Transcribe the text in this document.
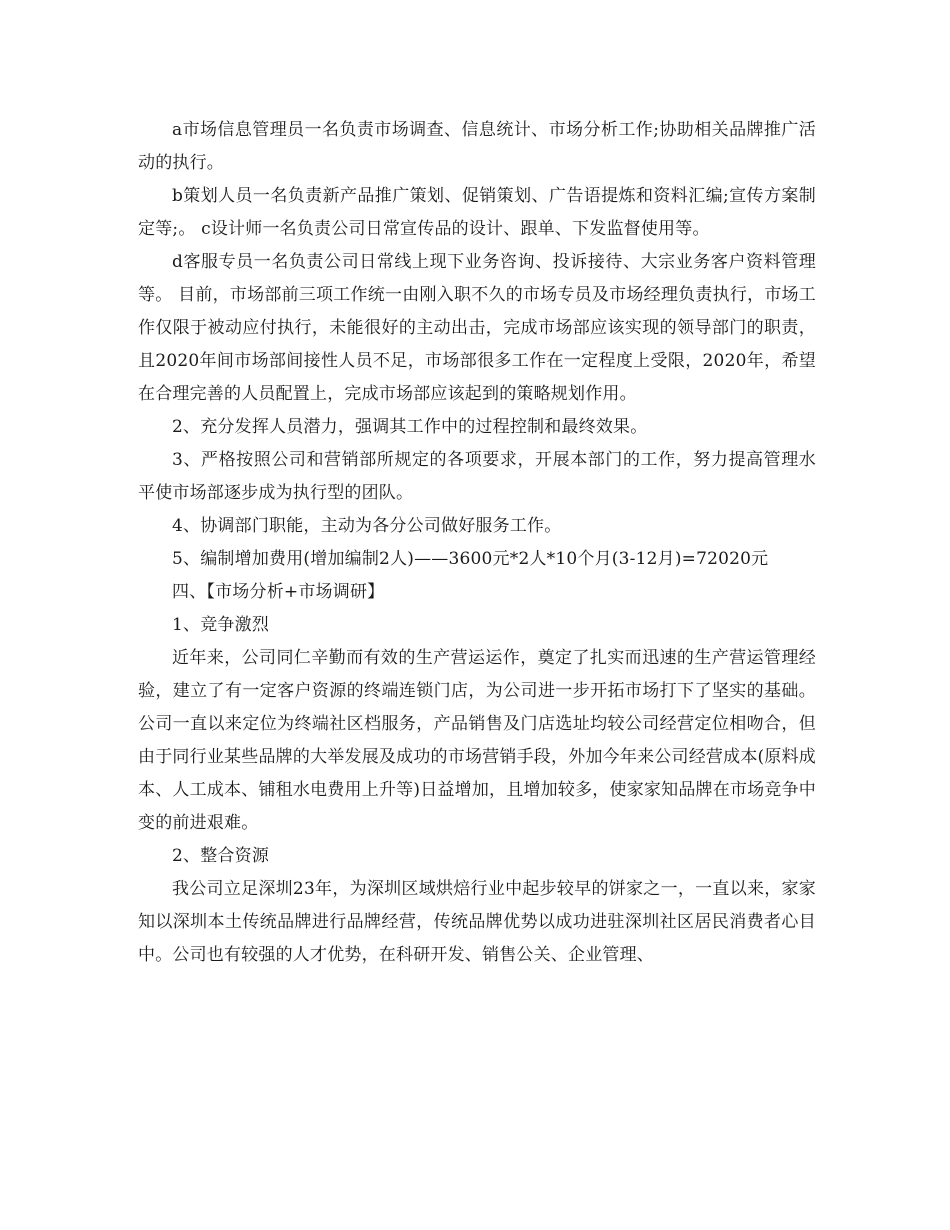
a市场信息管理员一名负责市场调查、信息统计、市场分析工作;协助相关品牌推广活动的执行。

b策划人员一名负责新产品推广策划、促销策划、广告语提炼和资料汇编;宣传方案制定等;。 c设计师一名负责公司日常宣传品的设计、跟单、下发监督使用等。

d客服专员一名负责公司日常线上现下业务咨询、投诉接待、大宗业务客户资料管理等。 目前，市场部前三项工作统一由刚入职不久的市场专员及市场经理负责执行，市场工作仅限于被动应付执行，未能很好的主动出击，完成市场部应该实现的领导部门的职责，且2020年间市场部间接性人员不足，市场部很多工作在一定程度上受限，2020年，希望在合理完善的人员配置上，完成市场部应该起到的策略规划作用。

2、充分发挥人员潜力，强调其工作中的过程控制和最终效果。

3、严格按照公司和营销部所规定的各项要求，开展本部门的工作，努力提高管理水平使市场部逐步成为执行型的团队。

4、协调部门职能，主动为各分公司做好服务工作。

5、编制增加费用(增加编制2人)——3600元*2人*10个月(3-12月)=72020元

四、【市场分析+市场调研】

1、竞争激烈

近年来，公司同仁辛勤而有效的生产营运运作，奠定了扎实而迅速的生产营运管理经验，建立了有一定客户资源的终端连锁门店，为公司进一步开拓市场打下了坚实的基础。公司一直以来定位为终端社区档服务，产品销售及门店选址均较公司经营定位相吻合，但由于同行业某些品牌的大举发展及成功的市场营销手段，外加今年来公司经营成本(原料成本、人工成本、铺租水电费用上升等)日益增加，且增加较多，使家家知品牌在市场竞争中变的前进艰难。

2、整合资源

我公司立足深圳23年，为深圳区域烘焙行业中起步较早的饼家之一，一直以来，家家知以深圳本土传统品牌进行品牌经营，传统品牌优势以成功进驻深圳社区居民消费者心目中。公司也有较强的人才优势，在科研开发、销售公关、企业管理、
